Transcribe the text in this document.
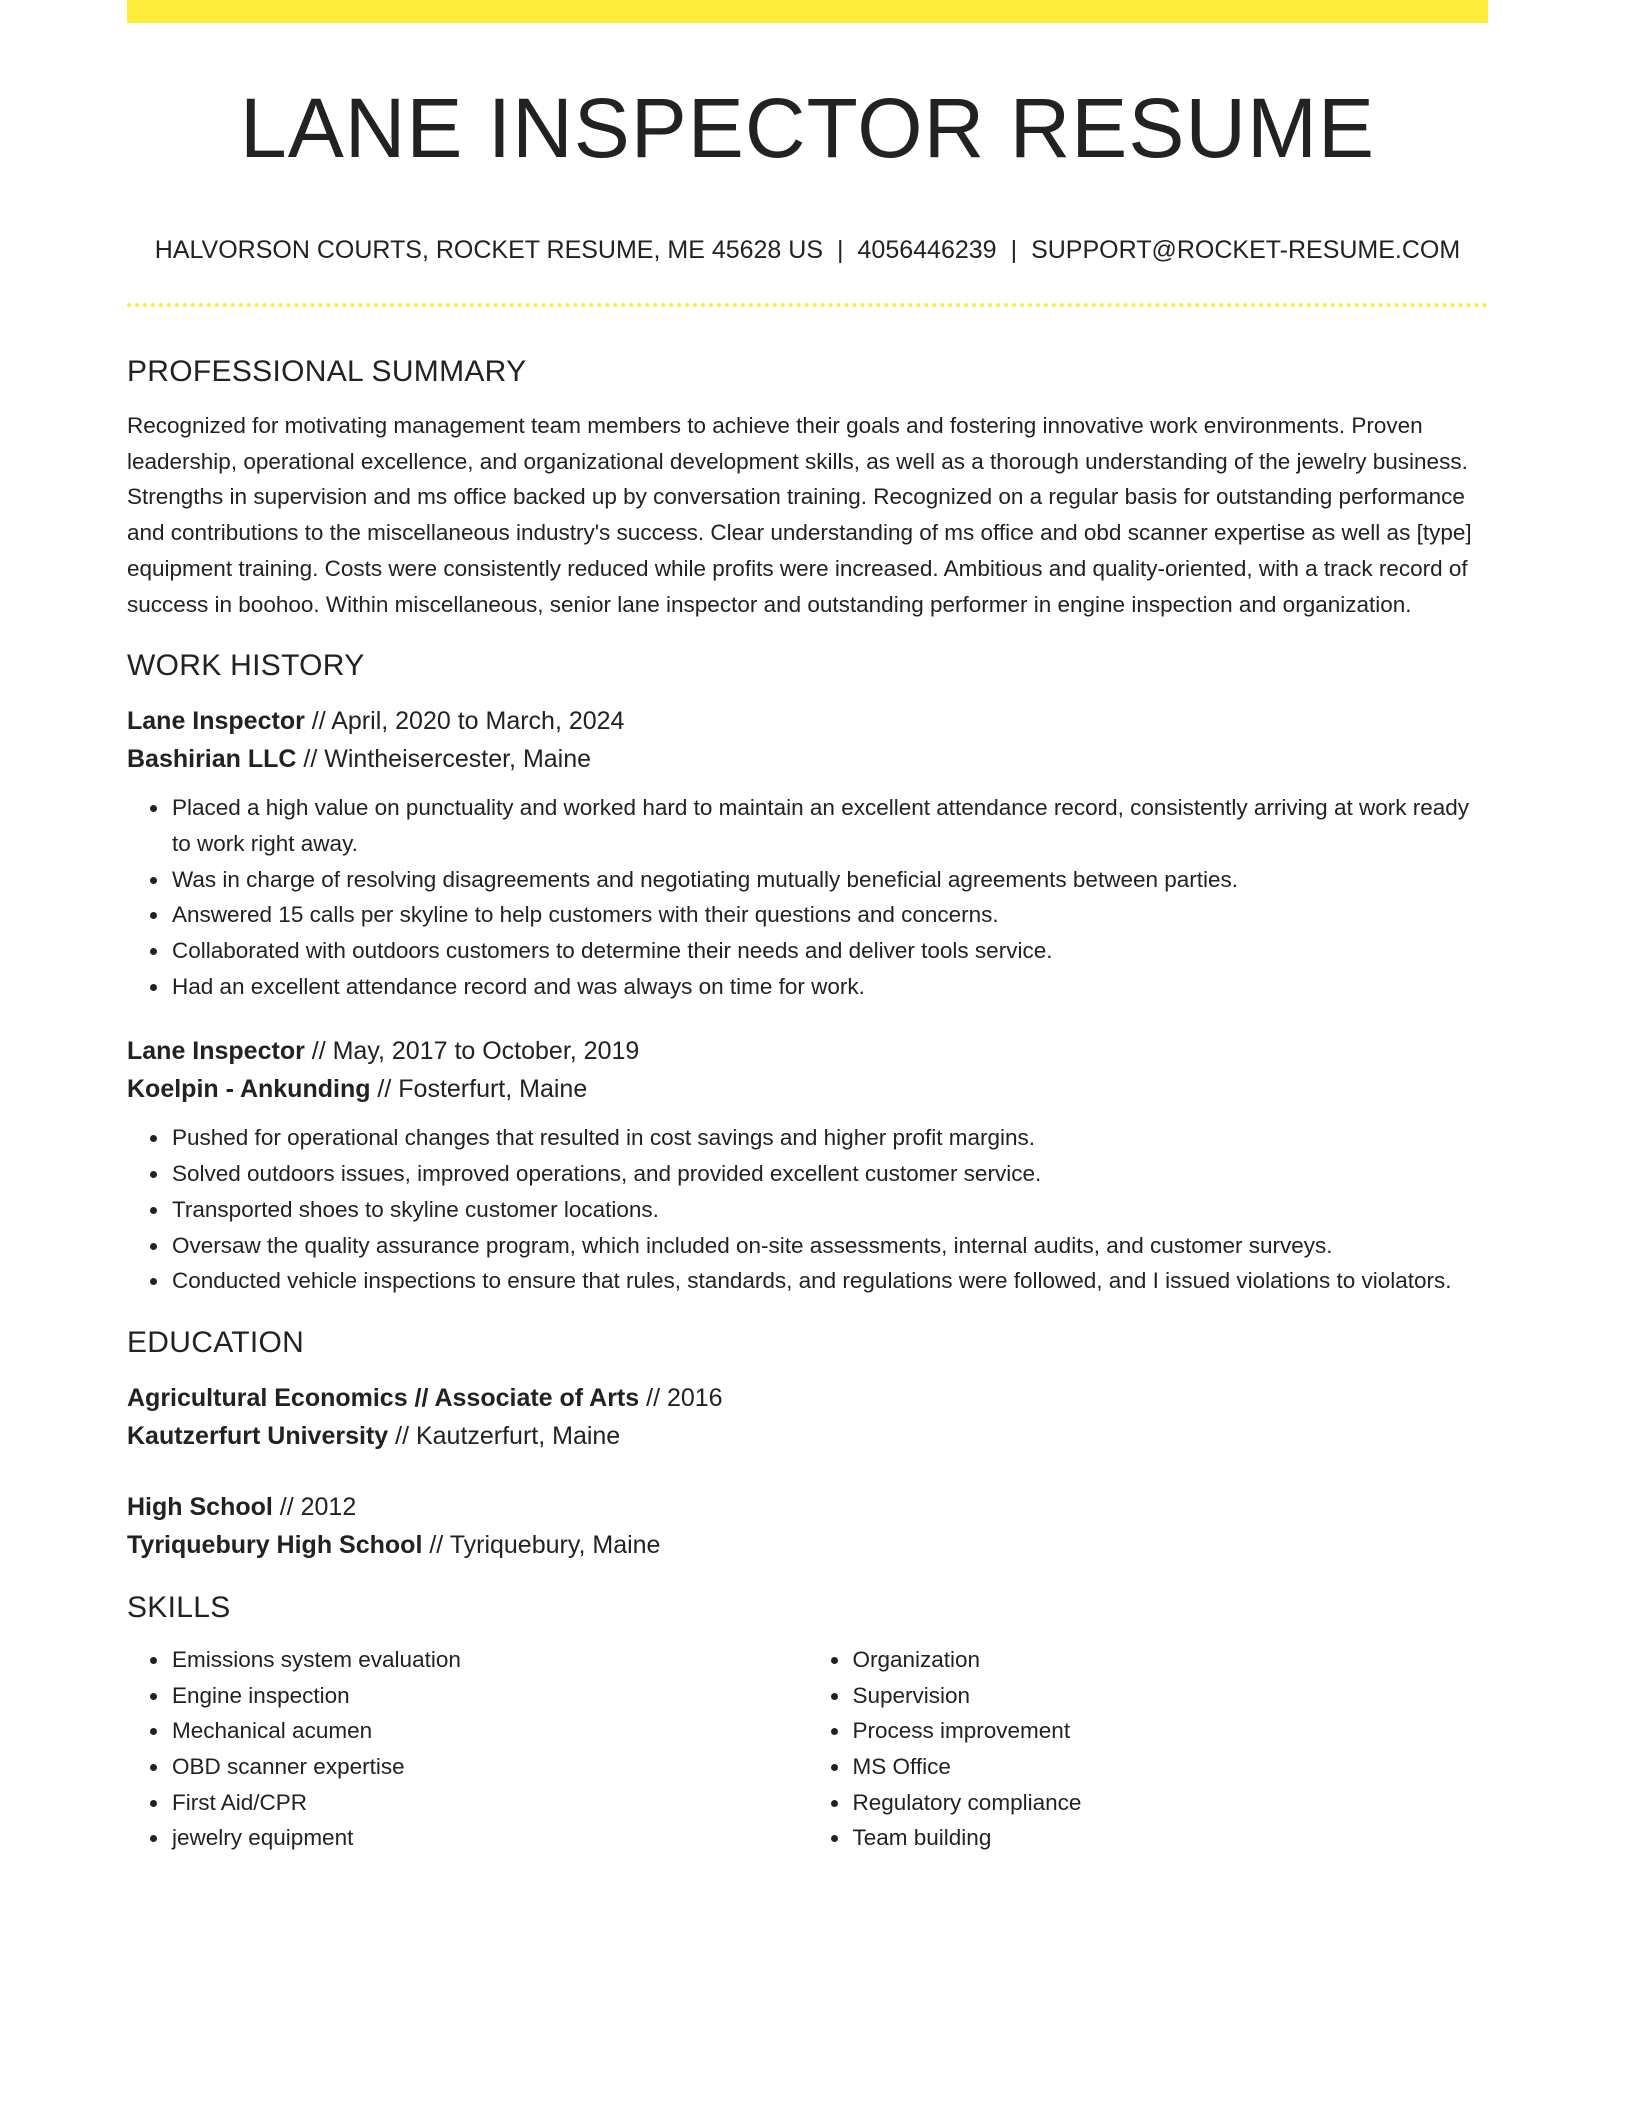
LANE INSPECTOR RESUME
HALVORSON COURTS, ROCKET RESUME, ME 45628 US | 4056446239 | SUPPORT@ROCKET-RESUME.COM
PROFESSIONAL SUMMARY

Recognized for motivating management team members to achieve their goals and fostering innovative work environments. Proven leadership, operational excellence, and organizational development skills, as well as a thorough understanding of the jewelry business. Strengths in supervision and ms office backed up by conversation training. Recognized on a regular basis for outstanding performance and contributions to the miscellaneous industry's success. Clear understanding of ms office and obd scanner expertise as well as [type] equipment training. Costs were consistently reduced while profits were increased. Ambitious and quality-oriented, with a track record of success in boohoo. Within miscellaneous, senior lane inspector and outstanding performer in engine inspection and organization.

WORK HISTORY

Lane Inspector // April, 2020 to March, 2024

Bashirian LLC // Wintheisercester, Maine

• Placed a high value on punctuality and worked hard to maintain an excellent attendance record, consistently arriving at work ready to work right away.
• Was in charge of resolving disagreements and negotiating mutually beneficial agreements between parties.
• Answered 15 calls per skyline to help customers with their questions and concerns.
• Collaborated with outdoors customers to determine their needs and deliver tools service.
• Had an excellent attendance record and was always on time for work.

Lane Inspector // May, 2017 to October, 2019

Koelpin - Ankunding // Fosterfurt, Maine

• Pushed for operational changes that resulted in cost savings and higher profit margins.
• Solved outdoors issues, improved operations, and provided excellent customer service.
• Transported shoes to skyline customer locations.
• Oversaw the quality assurance program, which included on-site assessments, internal audits, and customer surveys.
• Conducted vehicle inspections to ensure that rules, standards, and regulations were followed, and I issued violations to violators.
EDUCATION

Agricultural Economics // Associate of Arts // 2016

Kautzerfurt University // Kautzerfurt, Maine

High School // 2012

Tyriquebury High School // Tyriquebury, Maine

SKILLS
• Emissions system evaluation
• Engine inspection
• Mechanical acumen
• OBD scanner expertise
• First Aid/CPR
• jewelry equipment
• Organization
• Supervision
• Process improvement
• MS Office
• Regulatory compliance
• Team building
